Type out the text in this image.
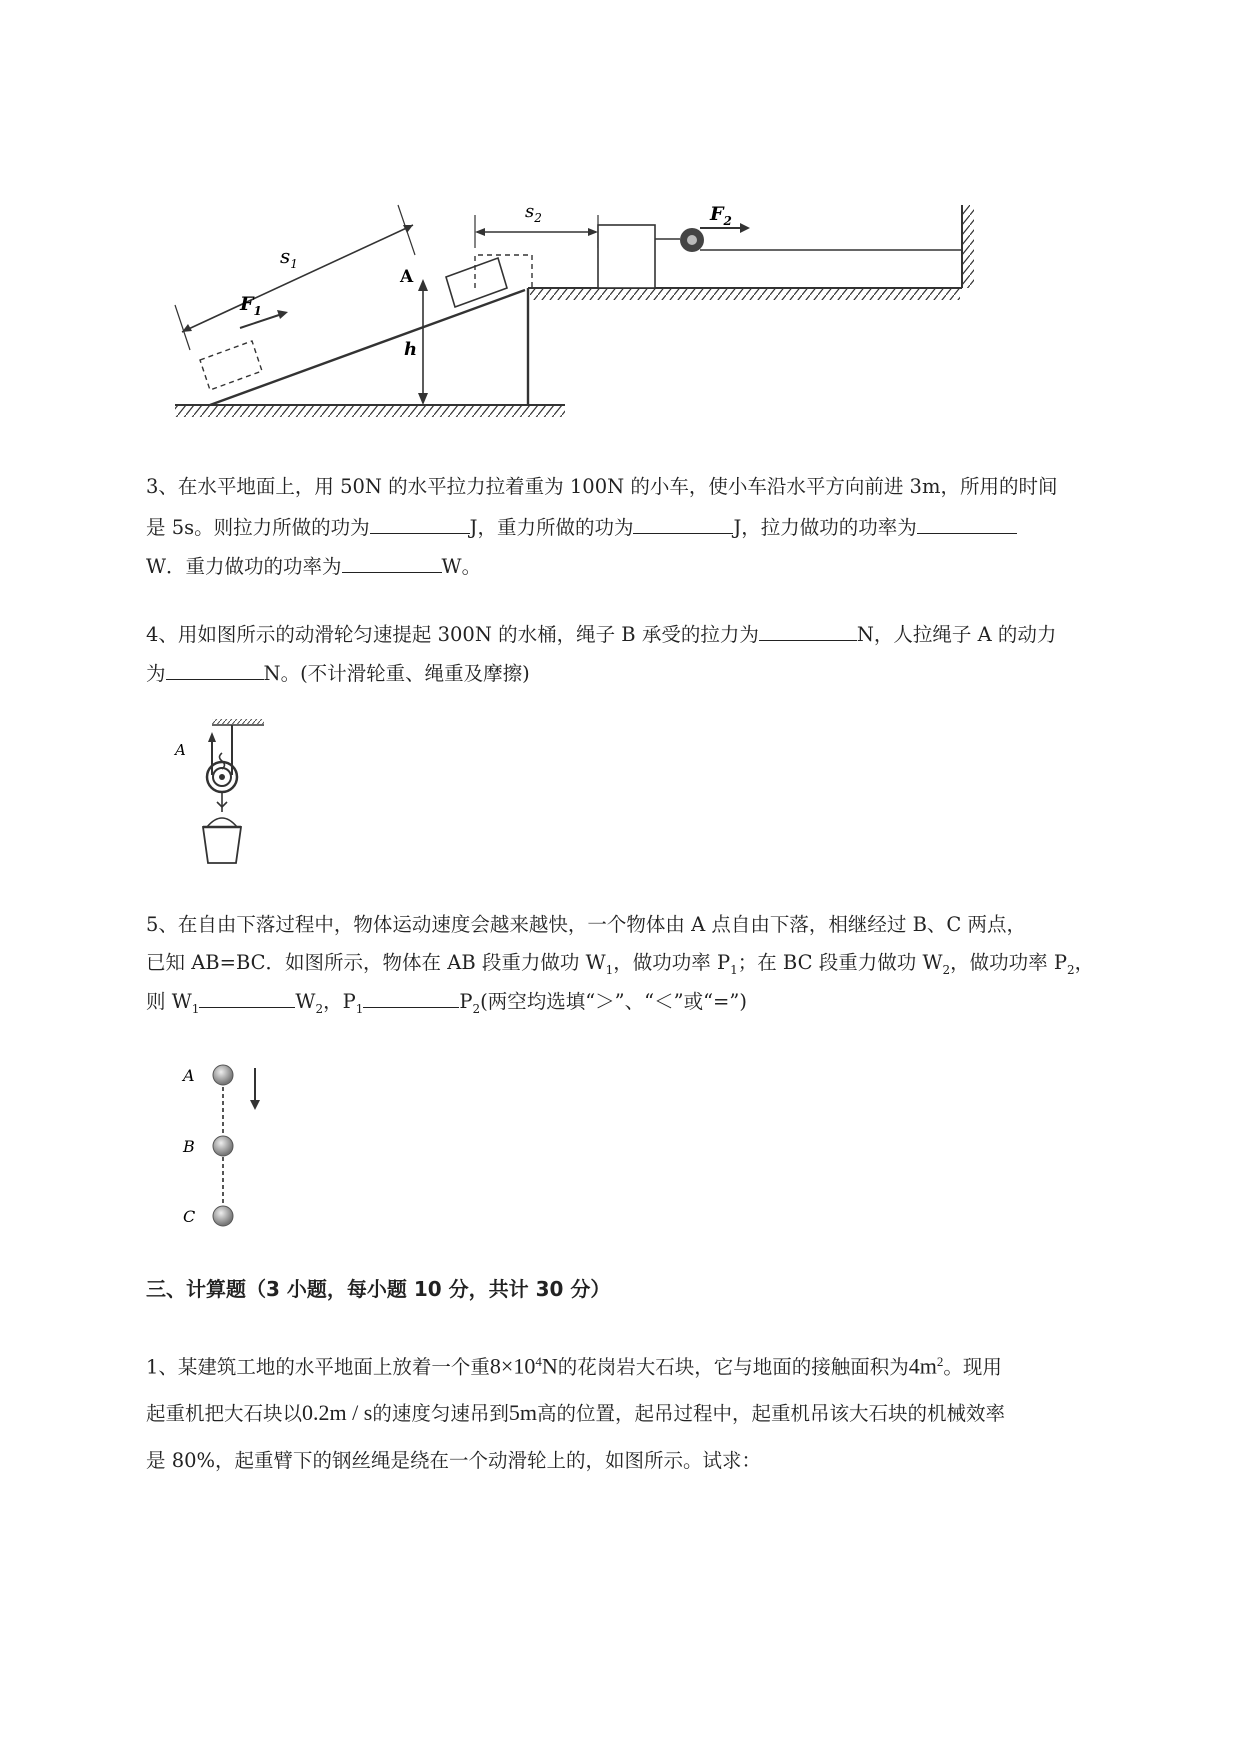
$s_1$
$F_1$
A
h
$s_2$	$F_2$
3、在水平地面上，用 50N 的水平拉力拉着重为 100N 的小车，使小车沿水平方向前进 3m，所用的时间
是 5s。则拉力所做的功为	J，重力所做的功为	J，拉力做功的功率为
W．重力做功的功率为	W。
4、用如图所示的动滑轮匀速提起 300N 的水桶，绳子 B 承受的拉力为	N，人拉绳子 A 的动力
为	N。(不计滑轮重、绳重及摩擦)
A
5、在自由下落过程中，物体运动速度会越来越快，一个物体由 A 点自由下落，相继经过 B、C 两点，
已知 AB=BC．如图所示，物体在 AB 段重力做功 $W_1$，做功功率 $P_1$；在 BC 段重力做功 $W_2$，做功功率 $P_2$，
则 $W_1$	$W_2$，$P_1$	$P_2$(两空均选填“＞”、“＜”或“=”)
A
B
C
三、计算题（3 小题，每小题 10 分，共计 30 分）
1、某建筑工地的水平地面上放着一个重$8\times 10^4N$的花岗岩大石块，它与地面的接触面积为$4m^2$。现用
起重机把大石块以0.2m / s的速度匀速吊到5m高的位置，起吊过程中，起重机吊该大石块的机械效率
是 80%，起重臂下的钢丝绳是绕在一个动滑轮上的，如图所示。试求：
